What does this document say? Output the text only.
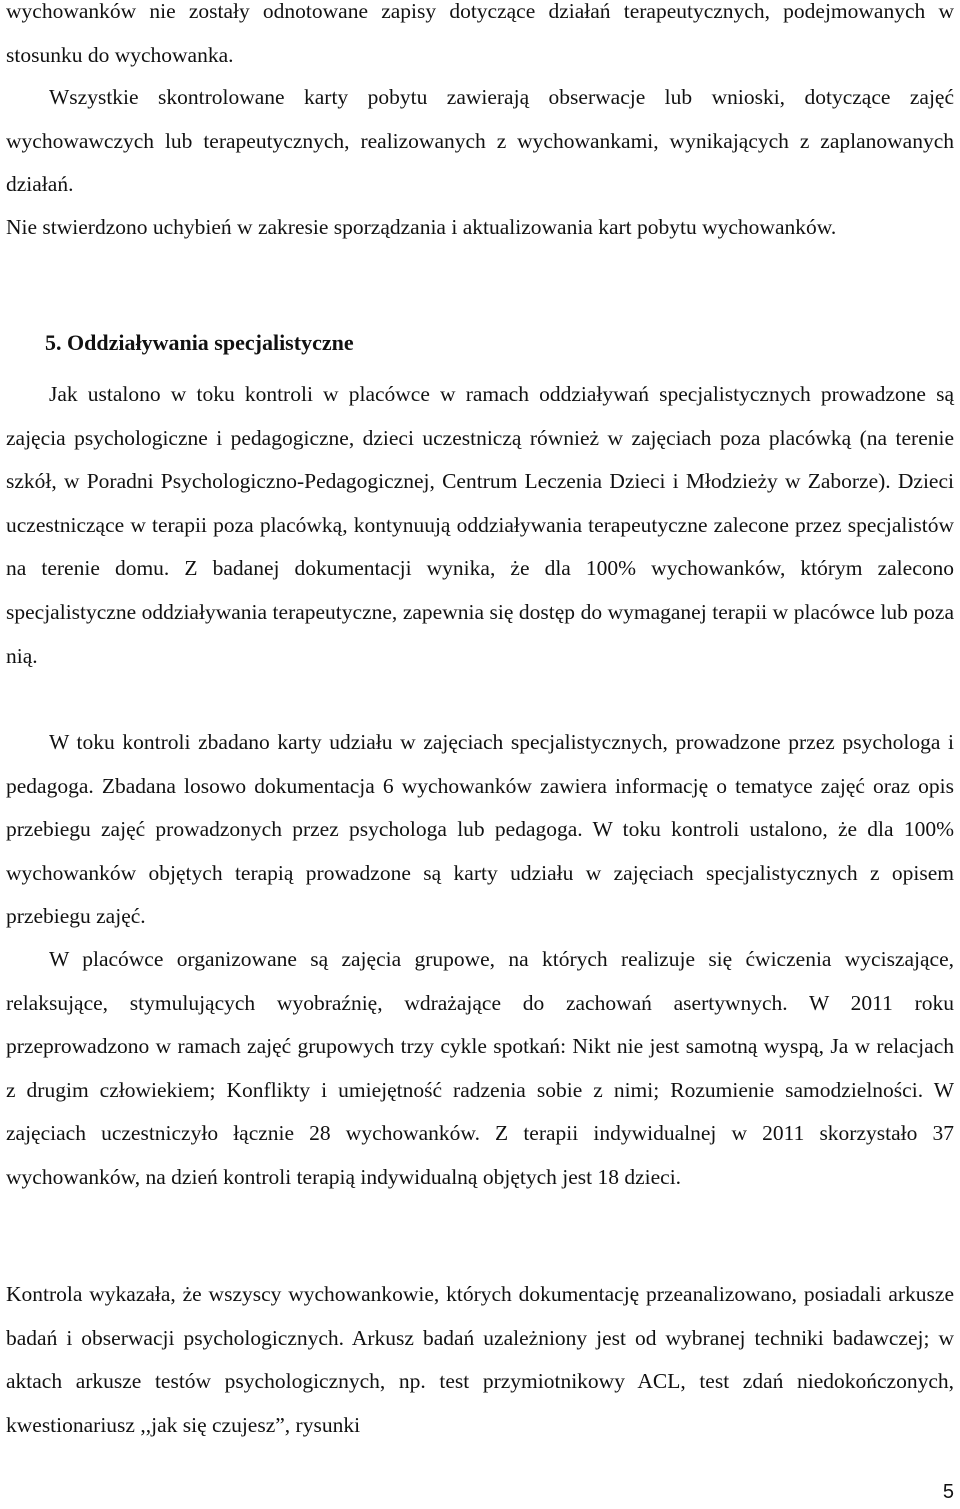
wychowanków nie zostały odnotowane zapisy dotyczące działań terapeutycznych, podejmowanych w stosunku do wychowanka.

Wszystkie skontrolowane karty pobytu zawierają obserwacje lub wnioski, dotyczące zajęć wychowawczych lub terapeutycznych, realizowanych z wychowankami, wynikających z zaplanowanych działań.

Nie stwierdzono uchybień w zakresie sporządzania i aktualizowania kart pobytu wychowanków.

5. Oddziaływania specjalistyczne

Jak ustalono w toku kontroli w placówce w ramach oddziaływań specjalistycznych prowadzone są zajęcia psychologiczne i pedagogiczne, dzieci uczestniczą również w zajęciach poza placówką (na terenie szkół, w Poradni Psychologiczno-Pedagogicznej, Centrum Leczenia Dzieci i Młodzieży w Zaborze). Dzieci uczestniczące w terapii poza placówką, kontynuują oddziaływania terapeutyczne zalecone przez specjalistów na terenie domu. Z badanej dokumentacji wynika, że dla 100% wychowanków, którym zalecono specjalistyczne oddziaływania terapeutyczne, zapewnia się dostęp do wymaganej terapii w placówce lub poza nią.

W toku kontroli zbadano karty udziału w zajęciach specjalistycznych, prowadzone przez psychologa i pedagoga. Zbadana losowo dokumentacja 6 wychowanków zawiera informację o tematyce zajęć oraz opis przebiegu zajęć prowadzonych przez psychologa lub pedagoga. W toku kontroli ustalono, że dla 100% wychowanków objętych terapią prowadzone są karty udziału w zajęciach specjalistycznych z opisem przebiegu zajęć.

W placówce organizowane są zajęcia grupowe, na których realizuje się ćwiczenia wyciszające, relaksujące, stymulujących wyobraźnię, wdrażające do zachowań asertywnych. W 2011 roku przeprowadzono w ramach zajęć grupowych trzy cykle spotkań: Nikt nie jest samotną wyspą, Ja w relacjach z drugim człowiekiem; Konflikty i umiejętność radzenia sobie z nimi; Rozumienie samodzielności. W zajęciach uczestniczyło łącznie 28 wychowanków. Z terapii indywidualnej w 2011 skorzystało 37 wychowanków, na dzień kontroli terapią indywidualną objętych jest 18 dzieci.

Kontrola wykazała, że wszyscy wychowankowie, których dokumentację przeanalizowano, posiadali arkusze badań i obserwacji psychologicznych. Arkusz badań uzależniony jest od wybranej techniki badawczej; w aktach arkusze testów psychologicznych, np. test przymiotnikowy ACL, test zdań niedokończonych, kwestionariusz ,,jak się czujesz”, rysunki

5
